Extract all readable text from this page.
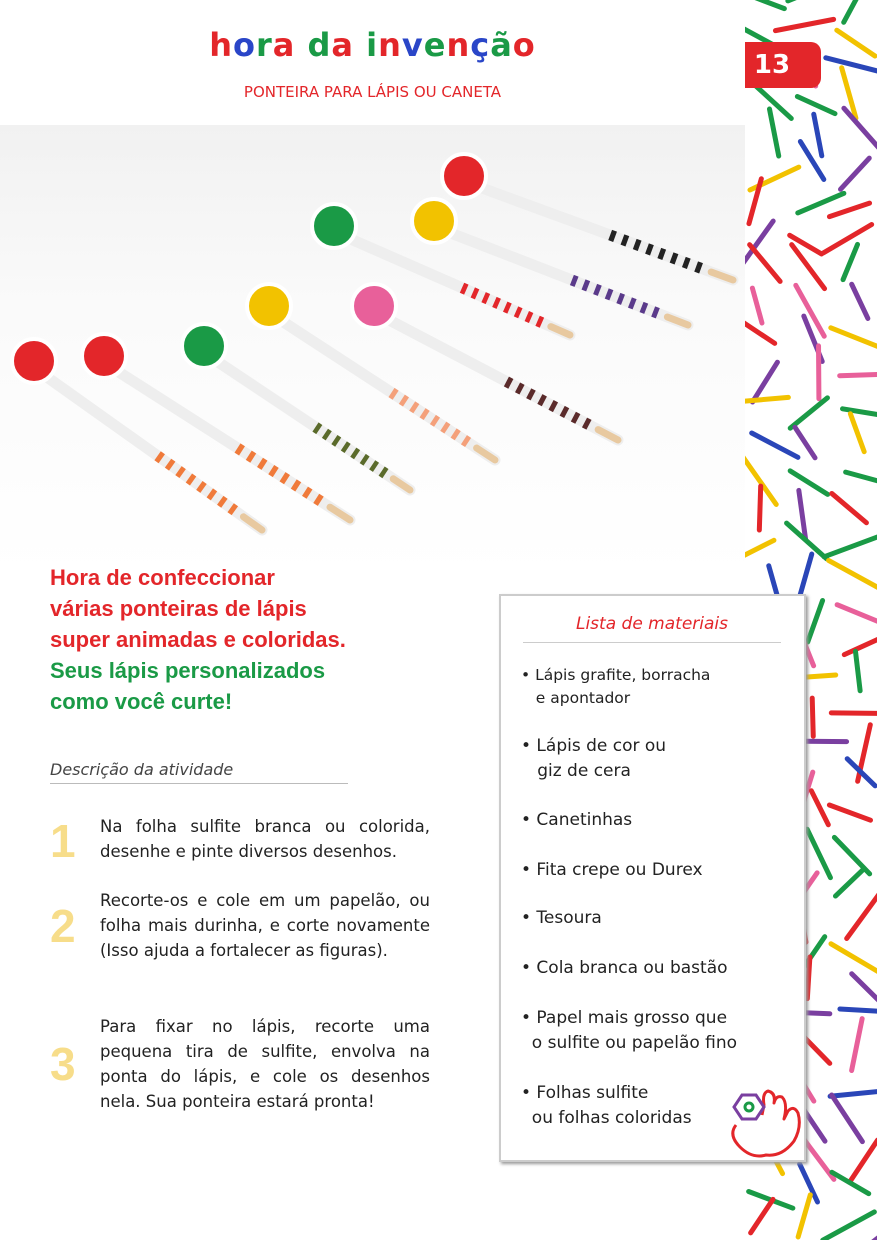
13
hora da invenção
PONTEIRA PARA LÁPIS OU CANETA
Hora de confeccionar
várias ponteiras de lápis
super animadas e coloridas.
Seus lápis personalizados
como você curte!
Descrição da atividade
1	Na folha sulfite branca ou colorida, desenhe e pinte diversos desenhos.
2	Recorte-os e cole em um papelão, ou folha mais durinha, e corte novamente (Isso ajuda a fortalecer as figuras).
3
Para fixar no lápis, recorte uma pequena tira de sulfite, envolva na ponta do lápis, e cole os desenhos nela. Sua ponteira estará pronta!
Lista de materiais
• Lápis grafite, borracha
e apontador
• Lápis de cor ou
giz de cera
• Canetinhas
• Fita crepe ou Durex
• Tesoura
• Cola branca ou bastão
• Papel mais grosso que
o sulfite ou papelão fino
• Folhas sulfite
ou folhas coloridas
